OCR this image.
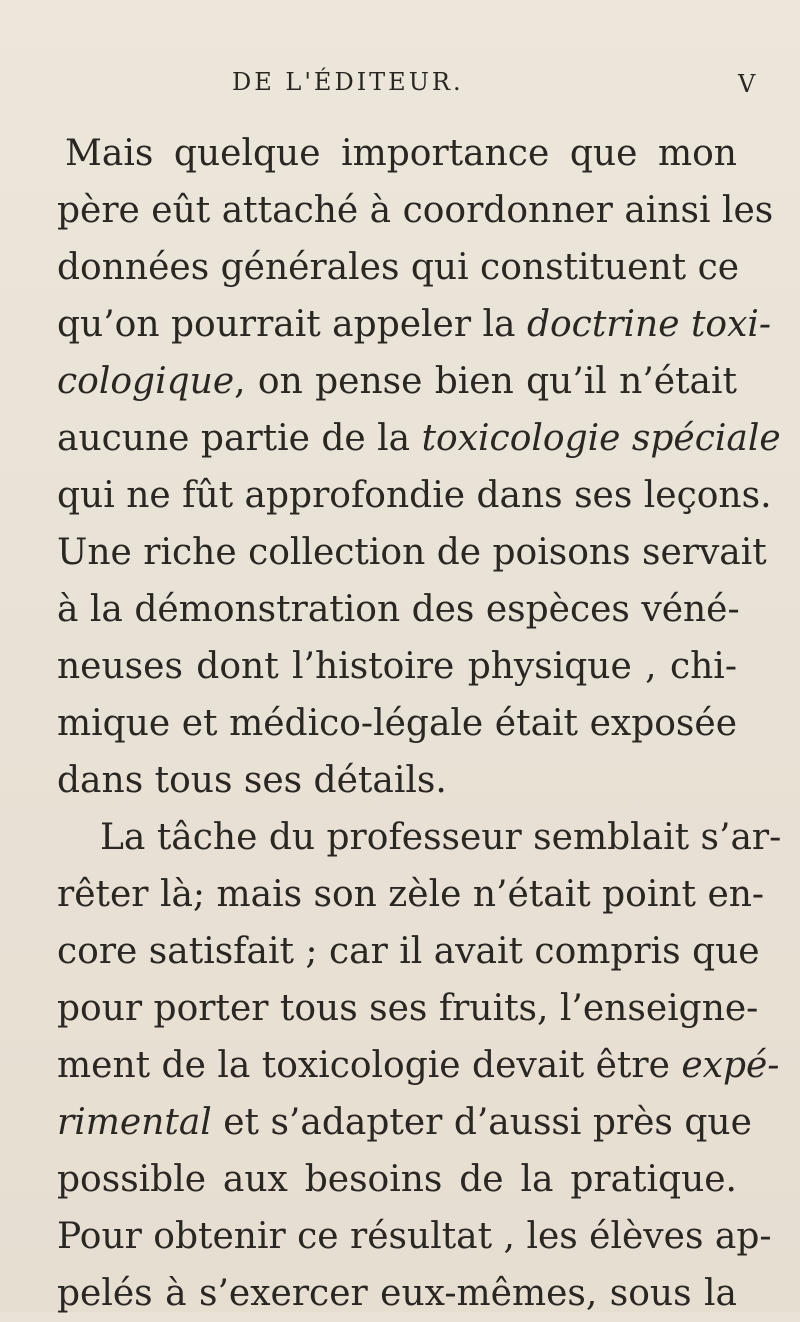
DE L'ÉDITEUR.	V
Mais quelque importance que mon
père eût attaché à coordonner ainsi les
données générales qui constituent ce
qu’on pourrait appeler la doctrine toxi-
cologique, on pense bien qu’il n’était
aucune partie de la toxicologie spéciale
qui ne fût approfondie dans ses leçons.
Une riche collection de poisons servait
à la démonstration des espèces véné-
neuses dont l’histoire physique , chi-
mique et médico-légale était exposée
dans tous ses détails.
La tâche du professeur semblait s’ar-
rêter là; mais son zèle n’était point en-
core satisfait ; car il avait compris que
pour porter tous ses fruits, l’enseigne-
ment de la toxicologie devait être expé-
rimental et s’adapter d’aussi près que
possible aux besoins de la pratique.
Pour obtenir ce résultat , les élèves ap-
pelés à s’exercer eux-mêmes, sous la
